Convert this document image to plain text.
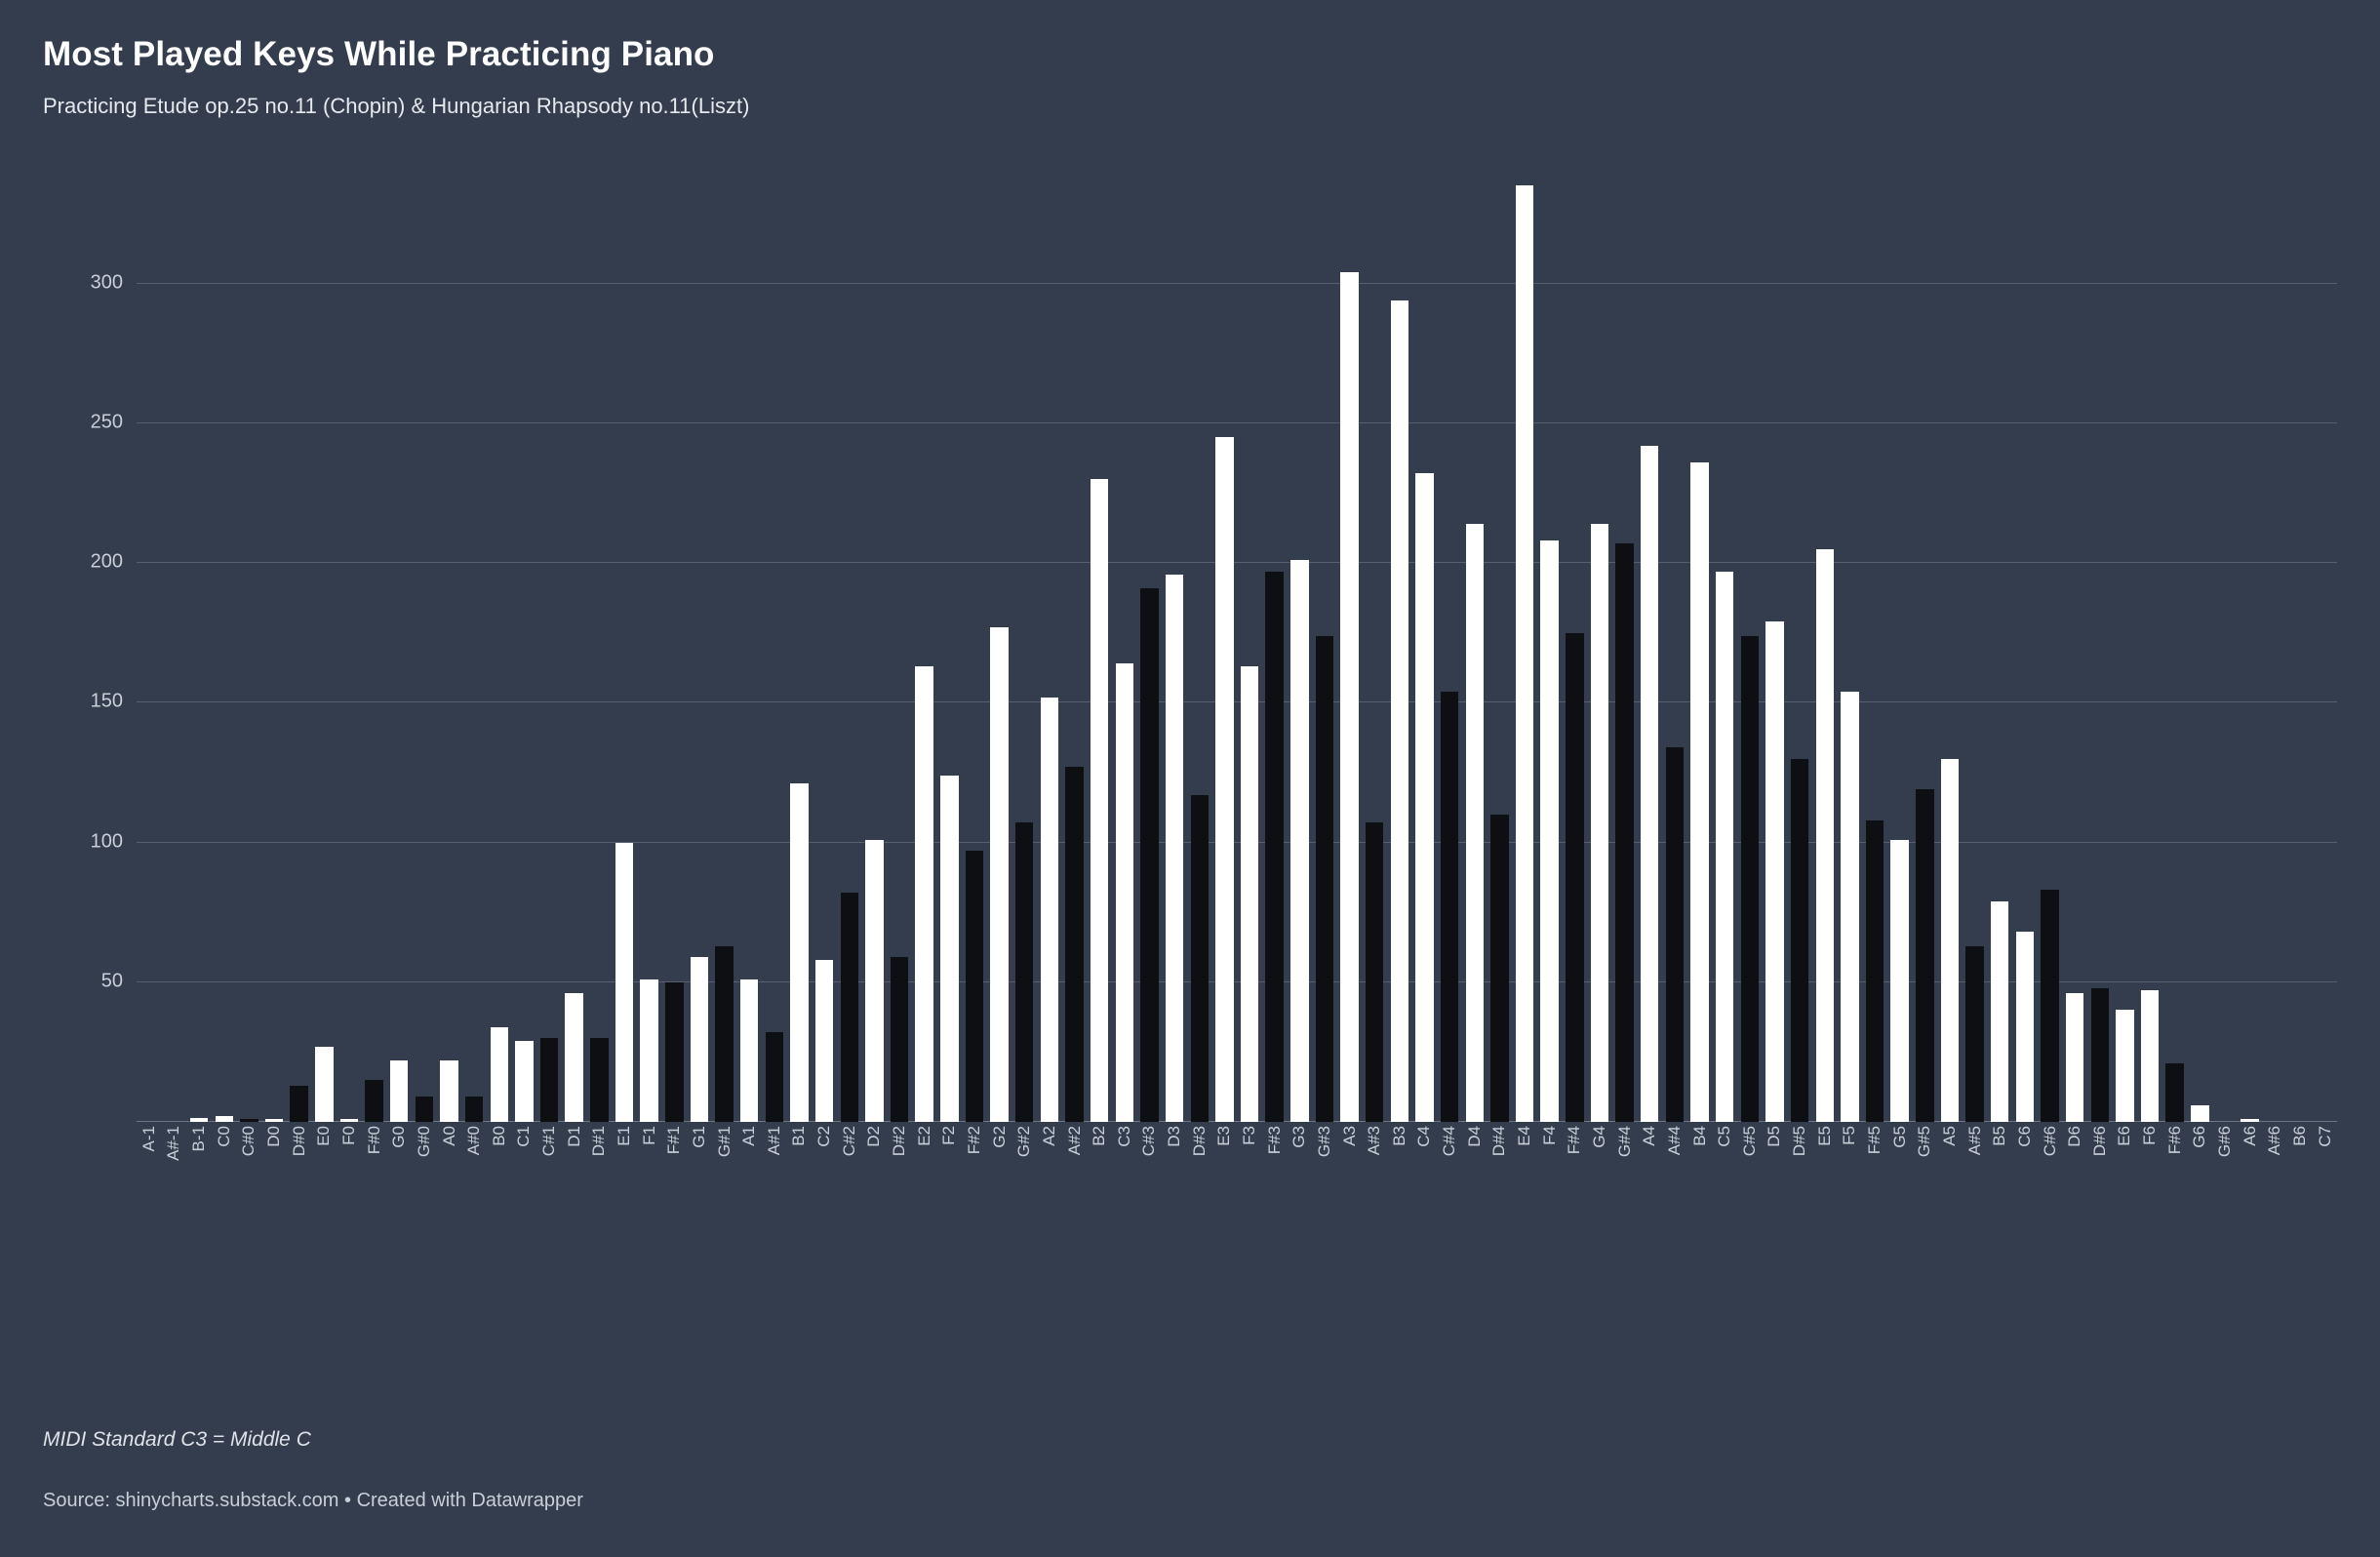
Most Played Keys While Practicing Piano

Practicing Etude op.25 no.11 (Chopin) & Hungarian Rhapsody no.11(Liszt)

50
100
150
200
250
300
A-1 A#-1 B-1 C0 C#0 D0 D#0 E0 F0 F#0 G0 G#0 A0 A#0 B0 C1 C#1 D1 D#1 E1 F1 F#1 G1 G#1 A1 A#1 B1 C2 C#2 D2 D#2 E2 F2 F#2 G2 G#2 A2 A#2 B2 C3 C#3 D3 D#3 E3 F3 F#3 G3 G#3 A3 A#3 B3 C4 C#4 D4 D#4 E4 F4 F#4 G4 G#4 A4 A#4 B4 C5 C#5 D5 D#5 E5 F5 F#5 G5 G#5 A5 A#5 B5 C6 C#6 D6 D#6 E6 F6 F#6 G6 G#6 A6 A#6 B6 C7
MIDI Standard C3 = Middle C
Source: shinycharts.substack.com • Created with Datawrapper
